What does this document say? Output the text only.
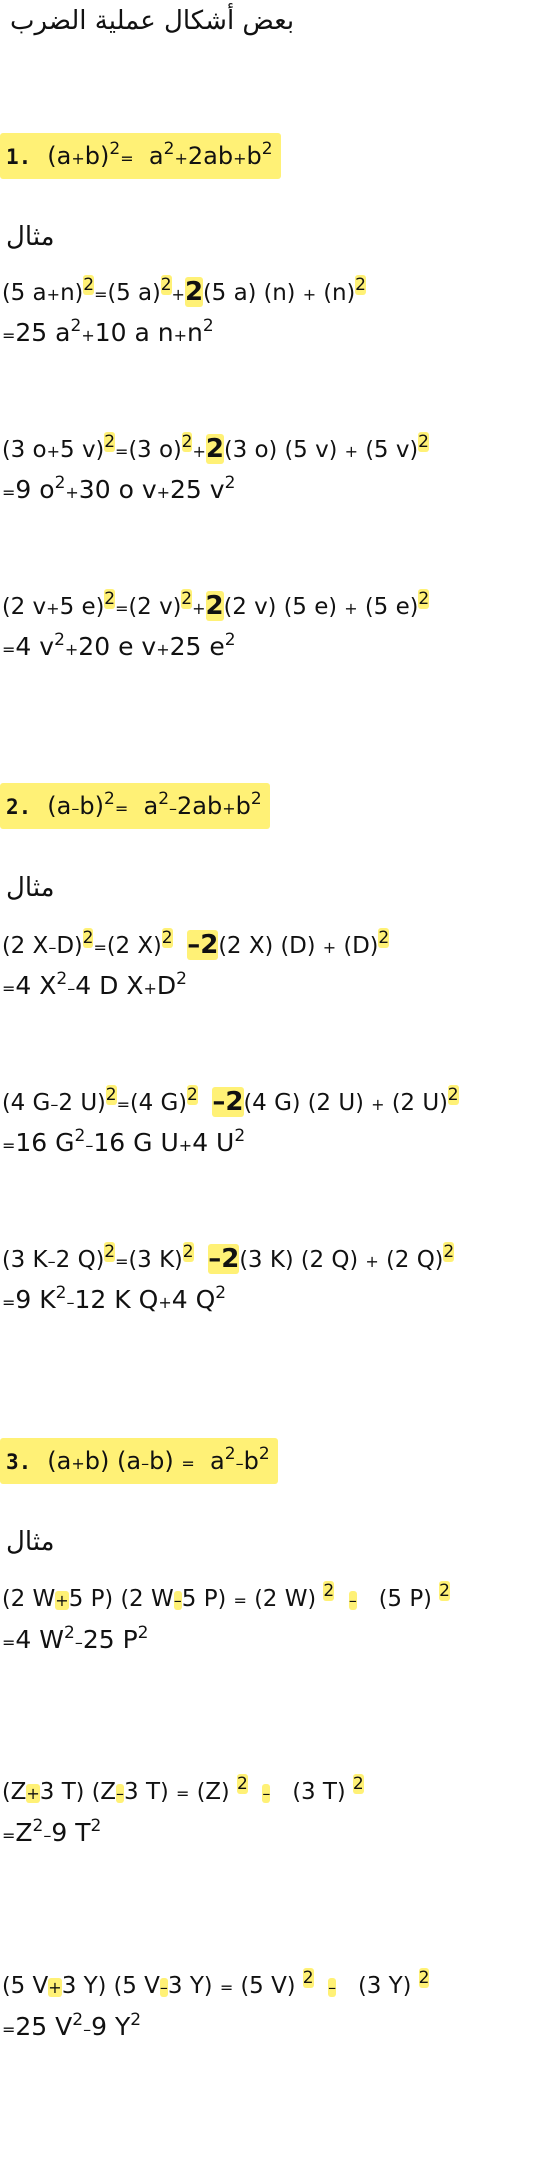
بعض أشكال عملية الضرب
1. $(a+b)^2= a^2+2ab+b^2$
مثال
(5 a+n)$^2$=(5 a)$^2$+2(5 a) $(n) + (n)^2$
=25 $a^2+10$ a $n+n^2$
(3 o+5 v)$^2$=(3 o)$^2$+2(3 o) (5 v) + (5 v)$^2$
=9 $o^2+30$ o v+25 $v^2$
(2 v+5 e)$^2$=(2 v)$^2$+2(2 v) (5 e) + (5 e)$^2$
=4 $v^2+20$ e v+25 $e^2$
2. $(a-b)^2= a^2-2ab+b^2$
مثال
(2 X–D)$^2$=(2 X)$^2$ –2(2 X) $(D) + (D)^2$
=4 $X^2-4$ D $X+D^2$
(4 G–2 U)$^2$=(4 G)$^2$ –2(4 G) (2 U) + (2 U)$^2$
=16 $G^2-16$ G U+4 $U^2$
(3 K–2 Q)$^2$=(3 K)$^2$ –2(3 K) (2 Q) + (2 Q)$^2$
=9 $K^2-12$ K Q+4 $Q^2$
3. (a+b) $(a-b) = a^2-b^2$
مثال
(2 W+5 P) (2 W–5 P) = (2 W) $^2$ – (5 P) $^2$
=4 $W^2-25$ $P^2$
(Z+3 T) (Z–3 T) = (Z) $^2$ – (3 T) $^2$
$=Z^2-9$ $T^2$
(5 V+3 Y) (5 V–3 Y) = (5 V) $^2$ – (3 Y) $^2$
=25 $V^2-9$ $Y^2$
